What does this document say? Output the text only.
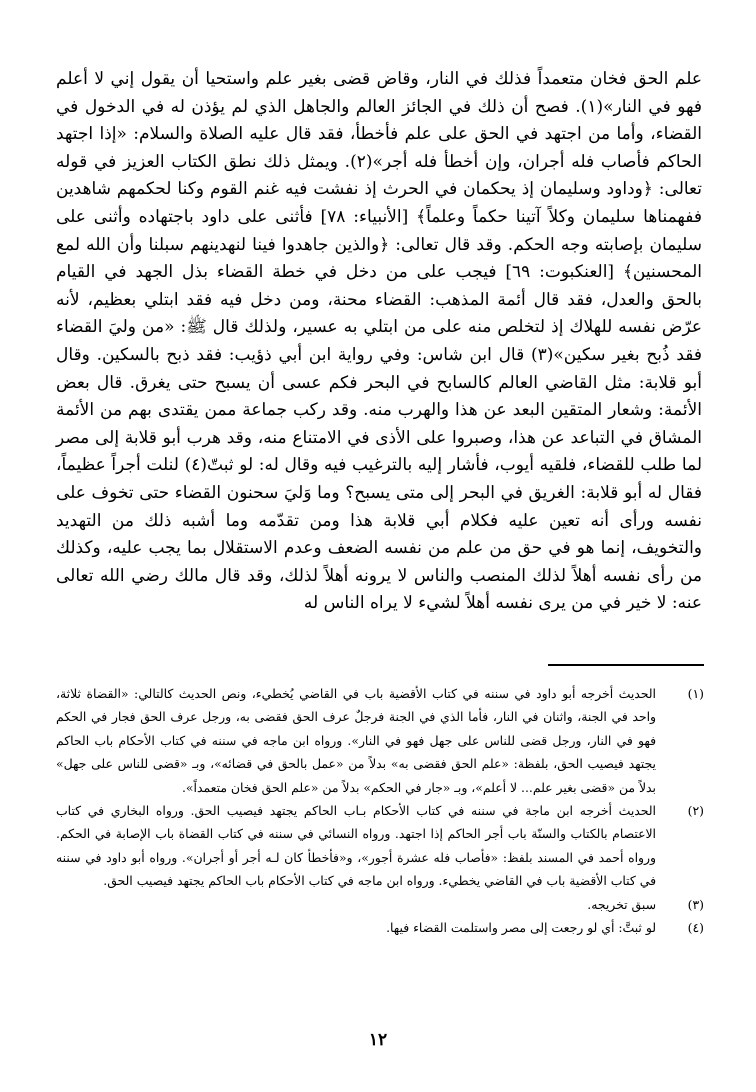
علم الحق فخان متعمداً فذلك في النار، وقاض قضى بغير علم واستحيا أن يقول إني لا أعلم فهو في النار»(١). فصح أن ذلك في الجائز العالم والجاهل الذي لم يؤذن له في الدخول في القضاء، وأما من اجتهد في الحق على علم فأخطأ، فقد قال عليه الصلاة والسلام: «إذا اجتهد الحاكم فأصاب فله أجران، وإن أخطأ فله أجر»(٢). ويمثل ذلك نطق الكتاب العزيز في قوله تعالى: ﴿وداود وسليمان إذ يحكمان في الحرث إذ نفشت فيه غنم القوم وكنا لحكمهم شاهدين ففهمناها سليمان وكلاً آتينا حكماً وعلماً﴾ [الأنبياء: ٧٨] فأثنى على داود باجتهاده وأثنى على سليمان بإصابته وجه الحكم. وقد قال تعالى: ﴿والذين جاهدوا فينا لنهدينهم سبلنا وأن الله لمع المحسنين﴾ [العنكبوت: ٦٩] فيجب على من دخل في خطة القضاء بذل الجهد في القيام بالحق والعدل، فقد قال أئمة المذهب: القضاء محنة، ومن دخل فيه فقد ابتلي بعظيم، لأنه عرّض نفسه للهلاك إذ لتخلص منه على من ابتلي به عسير، ولذلك قال ﷺ: «من وليَ القضاء فقد ذُبح بغير سكين»(٣) قال ابن شاس: وفي رواية ابن أبي ذؤيب: فقد ذبح بالسكين. وقال أبو قلابة: مثل القاضي العالم كالسابح في البحر فكم عسى أن يسبح حتى يغرق. قال بعض الأئمة: وشعار المتقين البعد عن هذا والهرب منه. وقد ركب جماعة ممن يقتدى بهم من الأئمة المشاق في التباعد عن هذا، وصبروا على الأذى في الامتناع منه، وقد هرب أبو قلابة إلى مصر لما طلب للقضاء، فلقيه أيوب، فأشار إليه بالترغيب فيه وقال له: لو ثبتّ(٤) لنلت أجراً عظيماً، فقال له أبو قلابة: الغريق في البحر إلى متى يسبح؟ وما وَليَ سحنون القضاء حتى تخوف على نفسه ورأى أنه تعين عليه فكلام أبي قلابة هذا ومن تقدّمه وما أشبه ذلك من التهديد والتخويف، إنما هو في حق من علم من نفسه الضعف وعدم الاستقلال بما يجب عليه، وكذلك من رأى نفسه أهلاً لذلك المنصب والناس لا يرونه أهلاً لذلك، وقد قال مالك رضي الله تعالى عنه: لا خير في من يرى نفسه أهلاً لشيء لا يراه الناس له

(١)
الحديث أخرجه أبو داود في سننه في كتاب الأقضية باب في القاضي يُخطيء، ونص الحديث كالتالي: «القضاة ثلاثة، واحد في الجنة، واثنان في النار، فأما الذي في الجنة فرجلٌ عرف الحق فقضى به، ورجل عرف الحق فجار في الحكم فهو في النار، ورجل قضى للناس على جهل فهو في النار». ورواه ابن ماجه في سننه في كتاب الأحكام باب الحاكم يجتهد فيصيب الحق، بلفظة: «علم الحق فقضى به» بدلاً من «عمل بالحق في قضائه»، وبـ «قضى للناس على جهل» بدلاً من «قضى بغير علم... لا أعلم»، وبـ «جار في الحكم» بدلاً من «علم الحق فخان متعمداً».
(٢)
الحديث أخرجه ابن ماجة في سننه في كتاب الأحكام بـاب الحاكم يجتهد فيصيب الحق. ورواه البخاري في كتاب الاعتصام بالكتاب والسنّة باب أجر الحاكم إذا اجتهد. ورواه النسائي في سننه في كتاب القضاة باب الإصابة في الحكم. ورواه أحمد في المسند بلفظ: «فأصاب فله عشرة أجور»، و«فأخطأ كان لـه أجر أو أجران». ورواه أبو داود في سننه في كتاب الأقضية باب في القاضي يخطيء. ورواه ابن ماجه في كتاب الأحكام باب الحاكم يجتهد فيصيب الحق.
(٣)
سبق تخريجه.
(٤)
لو ثبتَّ: أي لو رجعت إلى مصر واستلمت القضاء فيها.
١٢
